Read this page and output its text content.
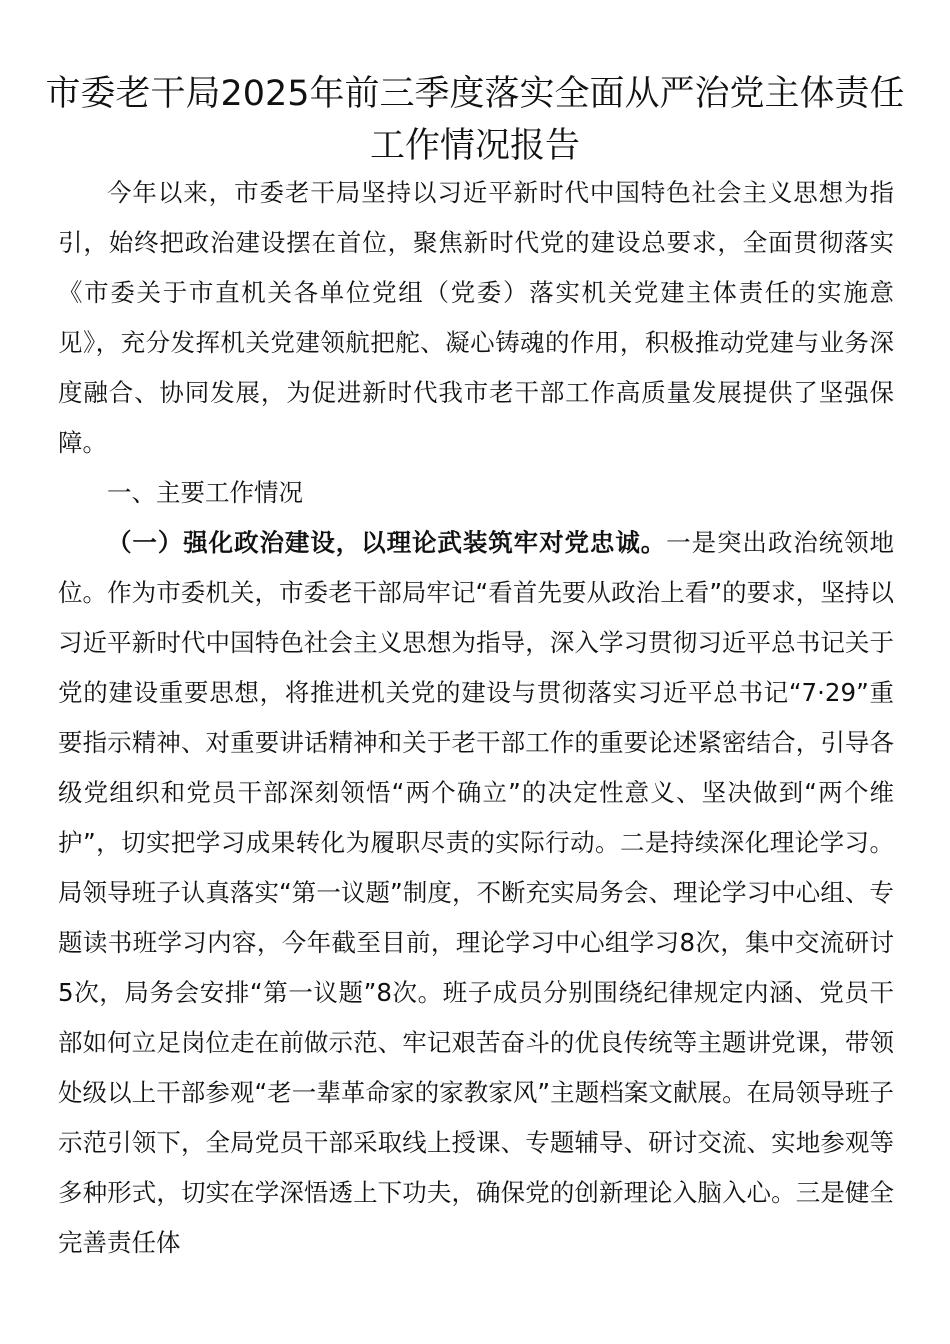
市委老干局2025年前三季度落实全面从严治党主体责任工作情况报告

今年以来，市委老干局坚持以习近平新时代中国特色社会主义思想为指引，始终把政治建设摆在首位，聚焦新时代党的建设总要求，全面贯彻落实《市委关于市直机关各单位党组（党委）落实机关党建主体责任的实施意见》，充分发挥机关党建领航把舵、凝心铸魂的作用，积极推动党建与业务深度融合、协同发展，为促进新时代我市老干部工作高质量发展提供了坚强保障。

一、主要工作情况

（一）强化政治建设，以理论武装筑牢对党忠诚。一是突出政治统领地位。作为市委机关，市委老干部局牢记“看首先要从政治上看”的要求，坚持以习近平新时代中国特色社会主义思想为指导，深入学习贯彻习近平总书记关于党的建设重要思想，将推进机关党的建设与贯彻落实习近平总书记“7·29”重要指示精神、对重要讲话精神和关于老干部工作的重要论述紧密结合，引导各级党组织和党员干部深刻领悟“两个确立”的决定性意义、坚决做到“两个维护”，切实把学习成果转化为履职尽责的实际行动。二是持续深化理论学习。局领导班子认真落实“第一议题”制度，不断充实局务会、理论学习中心组、专题读书班学习内容，今年截至目前，理论学习中心组学习8次，集中交流研讨5次，局务会安排“第一议题”8次。班子成员分别围绕纪律规定内涵、党员干部如何立足岗位走在前做示范、牢记艰苦奋斗的优良传统等主题讲党课，带领处级以上干部参观“老一辈革命家的家教家风”主题档案文献展。在局领导班子示范引领下，全局党员干部采取线上授课、专题辅导、研讨交流、实地参观等多种形式，切实在学深悟透上下功夫，确保党的创新理论入脑入心。三是健全完善责任体
